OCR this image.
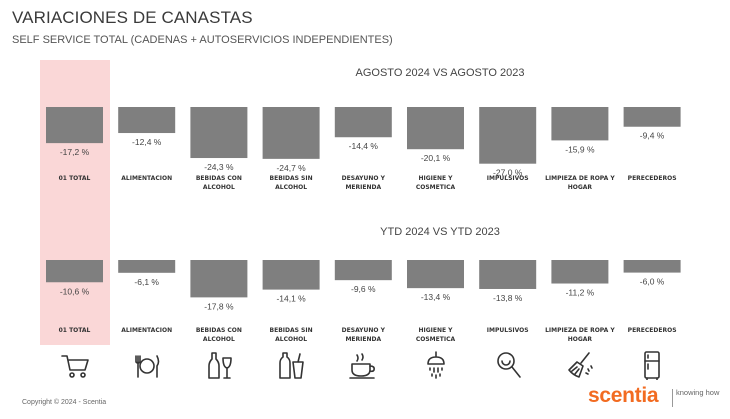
VARIACIONES DE CANASTAS
SELF SERVICE TOTAL (CADENAS + AUTOSERVICIOS INDEPENDIENTES)
AGOSTO 2024 VS AGOSTO 2023
YTD 2024 VS YTD 2023
-17,2 %
-12,4 %
-24,3 %	-24,7 %
-14,4 %
-20,1 %
-27,0 %
-15,9 %
-9,4 %
-10,6 %
-6,1 %
-17,8 %
-14,1 %
-9,6 %
-13,4 %	-13,8 %
-11,2 %
-6,0 %
01 TOTAL	ALIMENTACION	BEBIDAS CON
ALCOHOL
BEBIDAS SIN
ALCOHOL
DESAYUNO Y
MERIENDA
HIGIENE Y
COSMETICA
IMPULSIVOS	LIMPIEZA DE ROPA Y
HOGAR
PERECEDEROS
01 TOTAL	ALIMENTACION	BEBIDAS CON
ALCOHOL
BEBIDAS SIN
ALCOHOL
DESAYUNO Y
MERIENDA
HIGIENE Y
COSMETICA
IMPULSIVOS	LIMPIEZA DE ROPA Y
HOGAR
PERECEDEROS
Copyright © 2024 - Scentia	scentia knowing how
